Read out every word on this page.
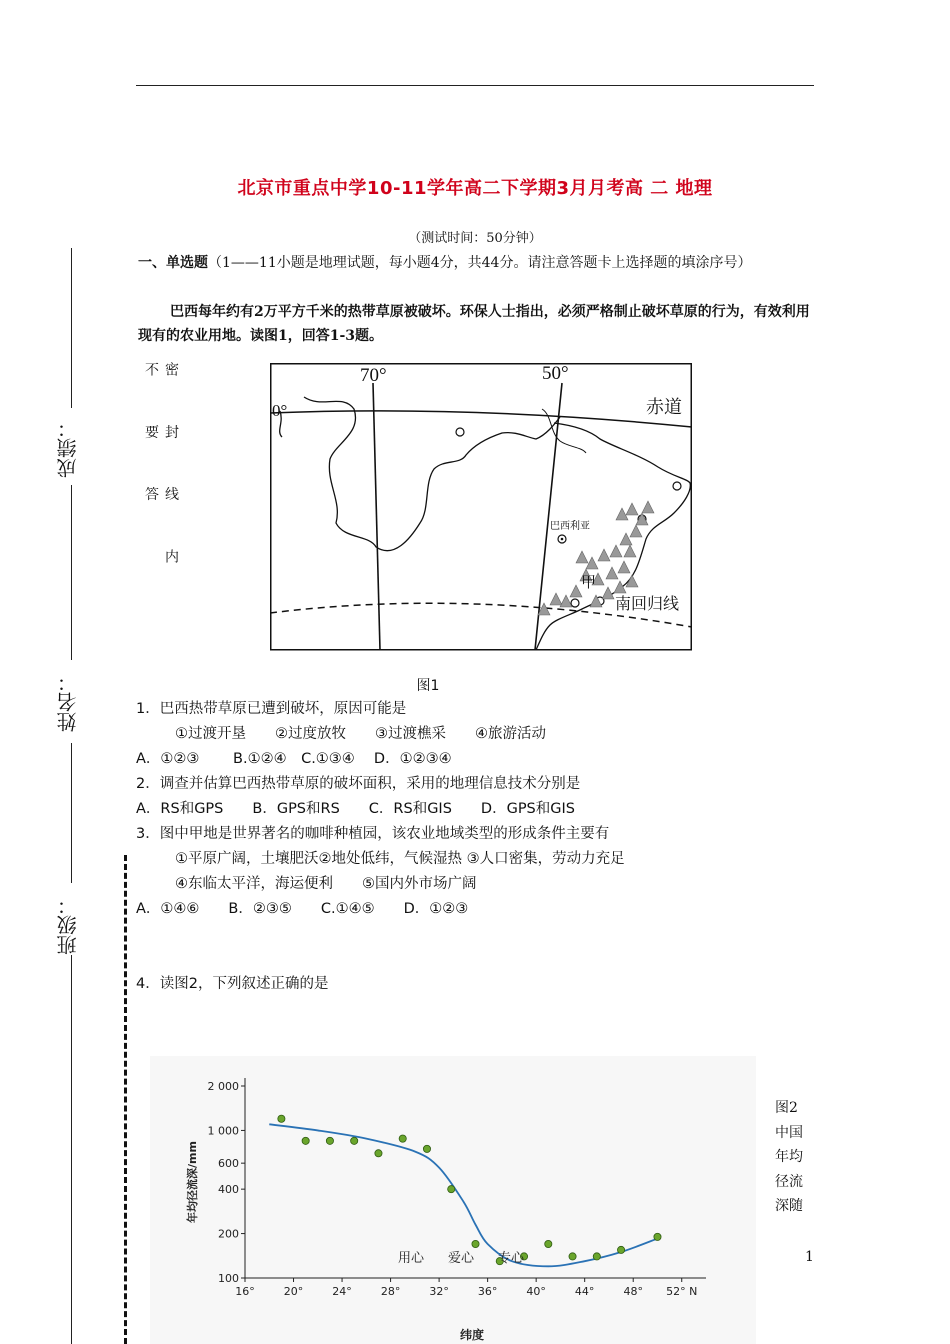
北京市重点中学10-11学年高二下学期3月月考高 二 地理
（测试时间：50分钟）
一、单选题（1——11小题是地理试题，每小题4分，共44分。请注意答题卡上选择题的填涂序号）
巴西每年约有2万平方千米的热带草原被破坏。环保人士指出，必须严格制止破坏草原的行为，有效利用现有的农业用地。读图1，回答1-3题。
密 封 线 内 不 要 答
成绩：
姓名：
班级：
70°	50°
0°	赤道
巴西利亚
甲
南回归线
图1
1．巴西热带草原已遭到破坏，原因可能是
①过渡开垦　　②过度放牧　　③过渡樵采　　④旅游活动
A．①②③　　 B.①②④　C.①③④　 D．①②③④
2．调查并估算巴西热带草原的破坏面积，采用的地理信息技术分别是
A．RS和GPS　　B．GPS和RS　　C．RS和GIS　　D．GPS和GIS
3．图中甲地是世界著名的咖啡种植园，该农业地域类型的形成条件主要有
①平原广阔，土壤肥沃②地处低纬，气候湿热 ③人口密集，劳动力充足
④东临太平洋，海运便利　　⑤国内外市场广阔
A．①④⑥　　B．②③⑤　　C.①④⑤　　D．①②③
4．读图2，下列叙述正确的是
16°	20°	24°	28°	32°	36°	40°	44°	48° 52° N
100
200
400
600
1 000
2 000
纬度
年均径流深/mm
用心 爱心 专心
图2
中国
年均
径流
深随
1
